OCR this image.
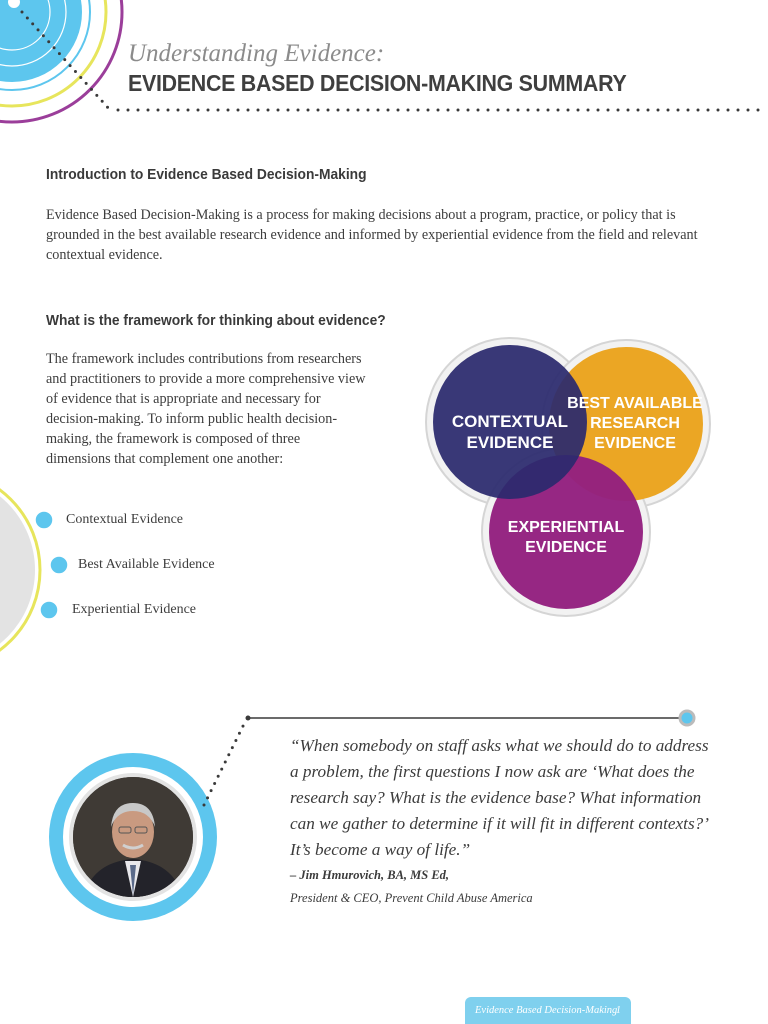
Understanding Evidence:
EVIDENCE BASED DECISION-MAKING SUMMARY
Introduction to Evidence Based Decision-Making
Evidence Based Decision-Making is a process for making decisions about a program, practice, or policy that is grounded in the best available research evidence and informed by experiential evidence from the field and relevant contextual evidence.
What is the framework for thinking about evidence?
The framework includes contributions from researchers and practitioners to provide a more comprehensive view of evidence that is appropriate and necessary for decision-making. To inform public health decision-making, the framework is composed of three dimensions that complement one another:
Contextual Evidence
Best Available Evidence
Experiential Evidence
CONTEXTUAL
EVIDENCE
BEST AVAILABLE
RESEARCH
EVIDENCE
EXPERIENTIAL
EVIDENCE
“When somebody on staff asks what we should do to address a problem, the first questions I now ask are ‘What does the research say? What is the evidence base? What information can we gather to determine if it will fit in different contexts?’ It’s become a way of life.”
– Jim Hmurovich, BA, MS Ed,
President & CEO, Prevent Child Abuse America
Evidence Based Decision-Making
1
